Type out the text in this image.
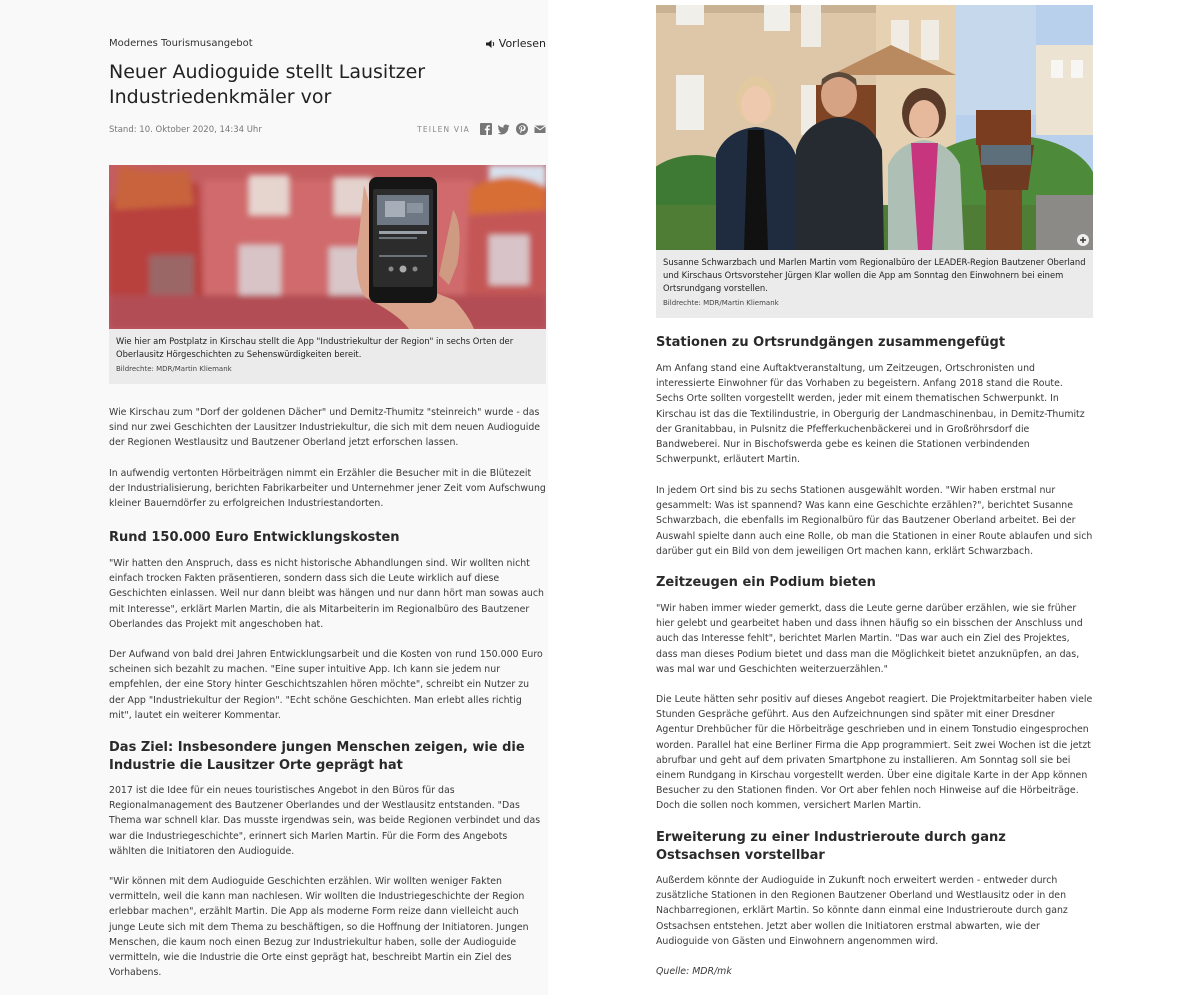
Modernes Tourismusangebot	Vorlesen
Neuer Audioguide stellt Lausitzer Industriedenkmäler vor
Stand: 10. Oktober 2020, 14:34 Uhr	TEILEN VIA
Wie hier am Postplatz in Kirschau stellt die App "Industriekultur der Region" in sechs Orten der Oberlausitz Hörgeschichten zu Sehenswürdigkeiten bereit.
Bildrechte: MDR/Martin Kliemank
Wie Kirschau zum "Dorf der goldenen Dächer" und Demitz-Thumitz "steinreich" wurde - das sind nur zwei Geschichten der Lausitzer Industriekultur, die sich mit dem neuen Audioguide der Regionen Westlausitz und Bautzener Oberland jetzt erforschen lassen.
In aufwendig vertonten Hörbeiträgen nimmt ein Erzähler die Besucher mit in die Blütezeit der Industrialisierung, berichten Fabrikarbeiter und Unternehmer jener Zeit vom Aufschwung kleiner Bauerndörfer zu erfolgreichen Industriestandorten.
Rund 150.000 Euro Entwicklungskosten
"Wir hatten den Anspruch, dass es nicht historische Abhandlungen sind. Wir wollten nicht einfach trocken Fakten präsentieren, sondern dass sich die Leute wirklich auf diese Geschichten einlassen. Weil nur dann bleibt was hängen und nur dann hört man sowas auch mit Interesse", erklärt Marlen Martin, die als Mitarbeiterin im Regionalbüro des Bautzener Oberlandes das Projekt mit angeschoben hat.
Der Aufwand von bald drei Jahren Entwicklungsarbeit und die Kosten von rund 150.000 Euro scheinen sich bezahlt zu machen. "Eine super intuitive App. Ich kann sie jedem nur empfehlen, der eine Story hinter Geschichtszahlen hören möchte", schreibt ein Nutzer zu der App "Industriekultur der Region". "Echt schöne Geschichten. Man erlebt alles richtig mit", lautet ein weiterer Kommentar.
Das Ziel: Insbesondere jungen Menschen zeigen, wie die Industrie die Lausitzer Orte geprägt hat
2017 ist die Idee für ein neues touristisches Angebot in den Büros für das Regionalmanagement des Bautzener Oberlandes und der Westlausitz entstanden. "Das Thema war schnell klar. Das musste irgendwas sein, was beide Regionen verbindet und das war die Industriegeschichte", erinnert sich Marlen Martin. Für die Form des Angebots wählten die Initiatoren den Audioguide.
"Wir können mit dem Audioguide Geschichten erzählen. Wir wollten weniger Fakten vermitteln, weil die kann man nachlesen. Wir wollten die Industriegeschichte der Region erlebbar machen", erzählt Martin. Die App als moderne Form reize dann vielleicht auch junge Leute sich mit dem Thema zu beschäftigen, so die Hoffnung der Initiatoren. Jungen Menschen, die kaum noch einen Bezug zur Industriekultur haben, solle der Audioguide vermitteln, wie die Industrie die Orte einst geprägt hat, beschreibt Martin ein Ziel des Vorhabens.
Susanne Schwarzbach und Marlen Martin vom Regionalbüro der LEADER-Region Bautzener Oberland und Kirschaus Ortsvorsteher Jürgen Klar wollen die App am Sonntag den Einwohnern bei einem Ortsrundgang vorstellen.
Bildrechte: MDR/Martin Kliemank
Stationen zu Ortsrundgängen zusammengefügt
Am Anfang stand eine Auftaktveranstaltung, um Zeitzeugen, Ortschronisten und interessierte Einwohner für das Vorhaben zu begeistern. Anfang 2018 stand die Route. Sechs Orte sollten vorgestellt werden, jeder mit einem thematischen Schwerpunkt. In Kirschau ist das die Textilindustrie, in Obergurig der Landmaschinenbau, in Demitz-Thumitz der Granitabbau, in Pulsnitz die Pfefferkuchenbäckerei und in Großröhrsdorf die Bandweberei. Nur in Bischofswerda gebe es keinen die Stationen verbindenden Schwerpunkt, erläutert Martin.
In jedem Ort sind bis zu sechs Stationen ausgewählt worden. "Wir haben erstmal nur gesammelt: Was ist spannend? Was kann eine Geschichte erzählen?", berichtet Susanne Schwarzbach, die ebenfalls im Regionalbüro für das Bautzener Oberland arbeitet. Bei der Auswahl spielte dann auch eine Rolle, ob man die Stationen in einer Route ablaufen und sich darüber gut ein Bild von dem jeweiligen Ort machen kann, erklärt Schwarzbach.
Zeitzeugen ein Podium bieten
"Wir haben immer wieder gemerkt, dass die Leute gerne darüber erzählen, wie sie früher hier gelebt und gearbeitet haben und dass ihnen häufig so ein bisschen der Anschluss und auch das Interesse fehlt", berichtet Marlen Martin. "Das war auch ein Ziel des Projektes, dass man dieses Podium bietet und dass man die Möglichkeit bietet anzuknüpfen, an das, was mal war und Geschichten weiterzuerzählen."
Die Leute hätten sehr positiv auf dieses Angebot reagiert. Die Projektmitarbeiter haben viele Stunden Gespräche geführt. Aus den Aufzeichnungen sind später mit einer Dresdner Agentur Drehbücher für die Hörbeiträge geschrieben und in einem Tonstudio eingesprochen worden. Parallel hat eine Berliner Firma die App programmiert. Seit zwei Wochen ist die jetzt abrufbar und geht auf dem privaten Smartphone zu installieren. Am Sonntag soll sie bei einem Rundgang in Kirschau vorgestellt werden. Über eine digitale Karte in der App können Besucher zu den Stationen finden. Vor Ort aber fehlen noch Hinweise auf die Hörbeiträge. Doch die sollen noch kommen, versichert Marlen Martin.
Erweiterung zu einer Industrieroute durch ganz Ostsachsen vorstellbar
Außerdem könnte der Audioguide in Zukunft noch erweitert werden - entweder durch zusätzliche Stationen in den Regionen Bautzener Oberland und Westlausitz oder in den Nachbarregionen, erklärt Martin. So könnte dann einmal eine Industrieroute durch ganz Ostsachsen entstehen. Jetzt aber wollen die Initiatoren erstmal abwarten, wie der Audioguide von Gästen und Einwohnern angenommen wird.
Quelle: MDR/mk
